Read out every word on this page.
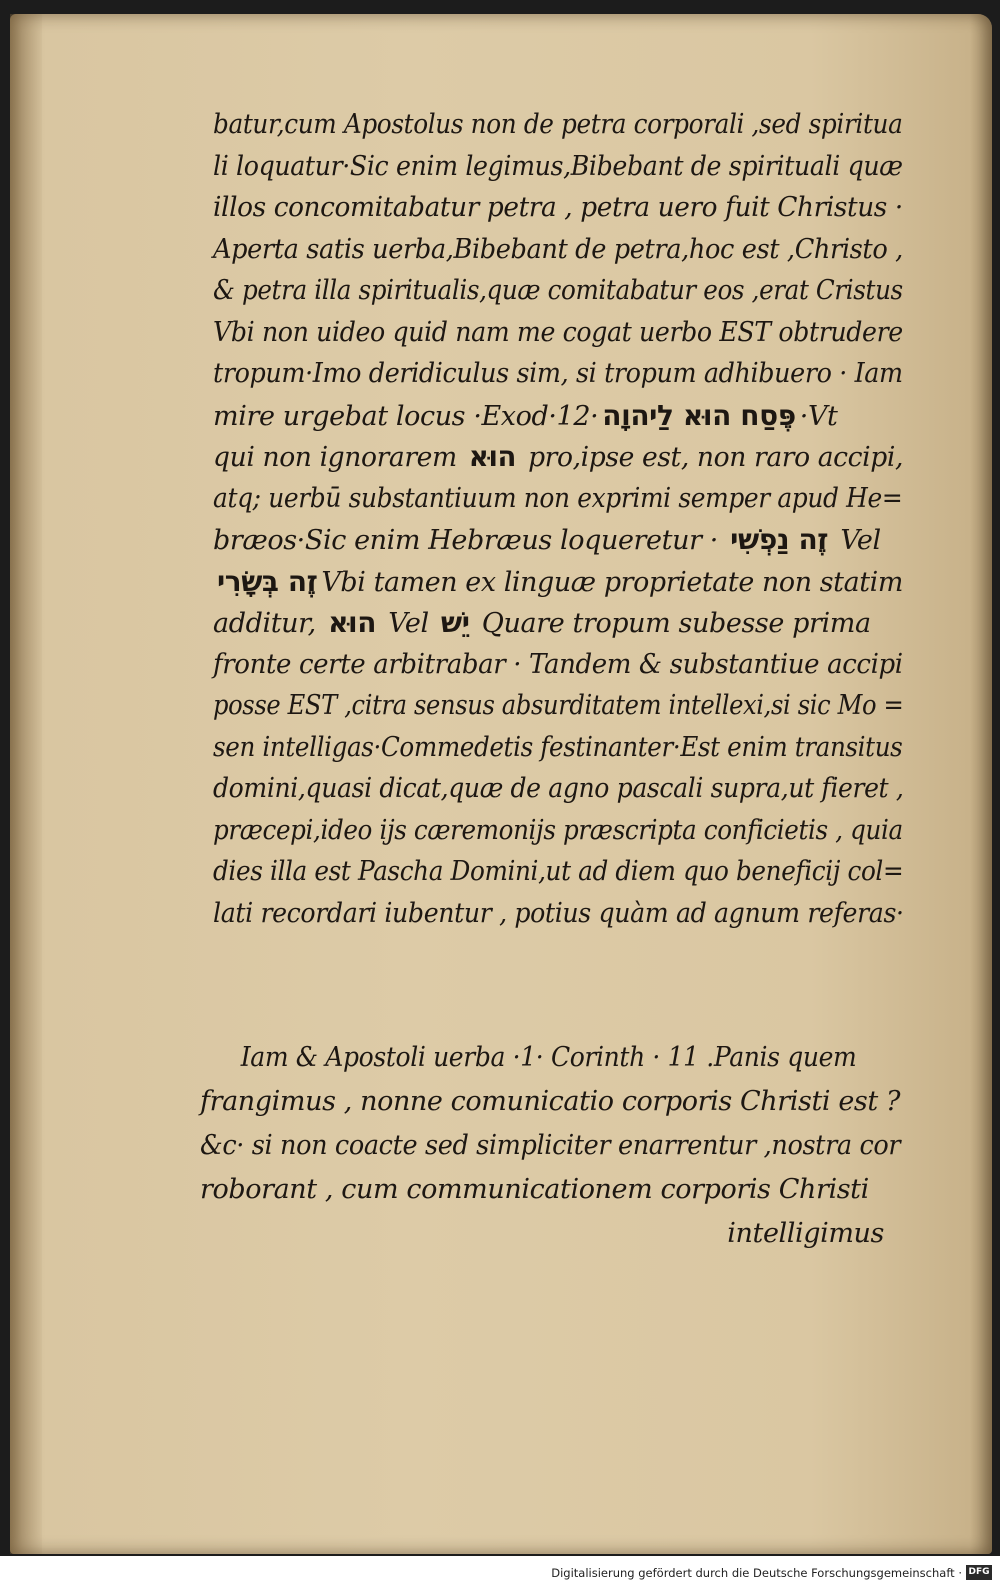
batur,cum Apostolus non de petra corporali ,sed spiritua
li loquatur·Sic enim legimus,Bibebant de spirituali quæ
illos concomitabatur petra , petra uero fuit Christus ·
Aperta satis uerba,Bibebant de petra,hoc est ,Christo ,
& petra illa spiritualis,quæ comitabatur eos ,erat Cristus
Vbi non uideo quid nam me cogat uerbo EST obtrudere
tropum·Imo deridiculus sim, si tropum adhibuero · Iam
mire urgebat locus ·Exod·12· פֶּסַח הוּא לַיהוָה ·Vt
qui non ignorarem הוּא pro,ipse est, non raro accipi,
atq; uerbū substantiuum non exprimi semper apud He=
bræos·Sic enim Hebræus loqueretur · זֶה נַפְשִׁי Vel
זֶה בְּשָׂרִי Vbi tamen ex linguæ proprietate non statim
additur, הוּא Vel יֵשׁ Quare tropum subesse prima
fronte certe arbitrabar · Tandem & substantiue accipi
posse EST ,citra sensus absurditatem intellexi,si sic Mo =
sen intelligas·Commedetis festinanter·Est enim transitus
domini,quasi dicat,quæ de agno pascali supra,ut fieret ,
præcepi,ideo ijs cæremonijs præscripta conficietis , quia
dies illa est Pascha Domini,ut ad diem quo beneficij col=
lati recordari iubentur , potius quàm ad agnum referas·
Iam & Apostoli uerba ·1· Corinth · 11 .Panis quem
frangimus , nonne comunicatio corporis Christi est ?
&c· si non coacte sed simpliciter enarrentur ,nostra cor
roborant , cum communicationem corporis Christi
intelligimus
Digitalisierung gefördert durch die Deutsche Forschungsgemeinschaft · DFG
